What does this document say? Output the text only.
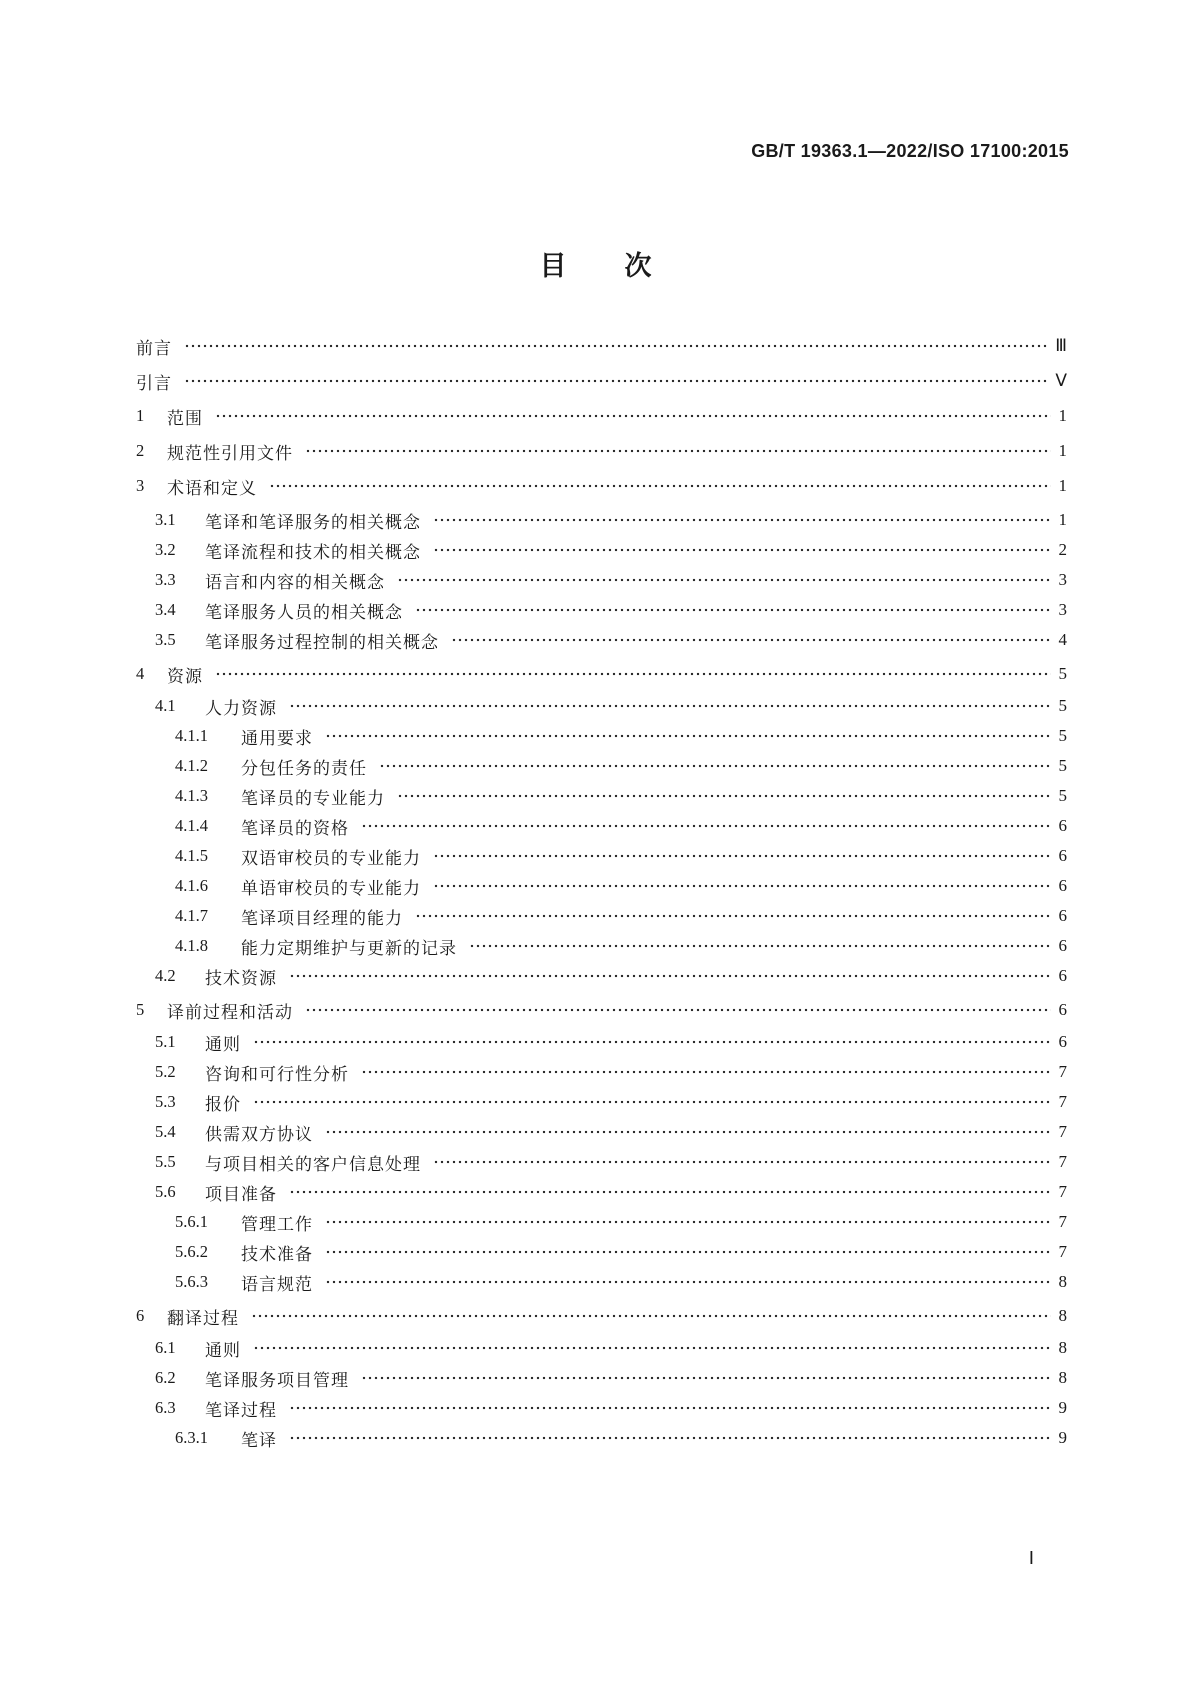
GB/T 19363.1—2022/ISO 17100:2015
目次
前言	Ⅲ
引言	Ⅴ
1 范围	1
2 规范性引用文件	1
3 术语和定义	1
3.1 笔译和笔译服务的相关概念	1
3.2 笔译流程和技术的相关概念	2
3.3 语言和内容的相关概念	3
3.4 笔译服务人员的相关概念	3
3.5 笔译服务过程控制的相关概念	4
4 资源	5
4.1 人力资源	5
4.1.1 通用要求	5
4.1.2 分包任务的责任	5
4.1.3 笔译员的专业能力	5
4.1.4 笔译员的资格	6
4.1.5 双语审校员的专业能力	6
4.1.6 单语审校员的专业能力	6
4.1.7 笔译项目经理的能力	6
4.1.8 能力定期维护与更新的记录	6
4.2 技术资源	6
5 译前过程和活动	6
5.1 通则	6
5.2 咨询和可行性分析	7
5.3 报价	7
5.4 供需双方协议	7
5.5 与项目相关的客户信息处理	7
5.6 项目准备	7
5.6.1 管理工作	7
5.6.2 技术准备	7
5.6.3 语言规范	8
6 翻译过程	8
6.1 通则	8
6.2 笔译服务项目管理	8
6.3 笔译过程	9
6.3.1 笔译	9
Ⅰ
